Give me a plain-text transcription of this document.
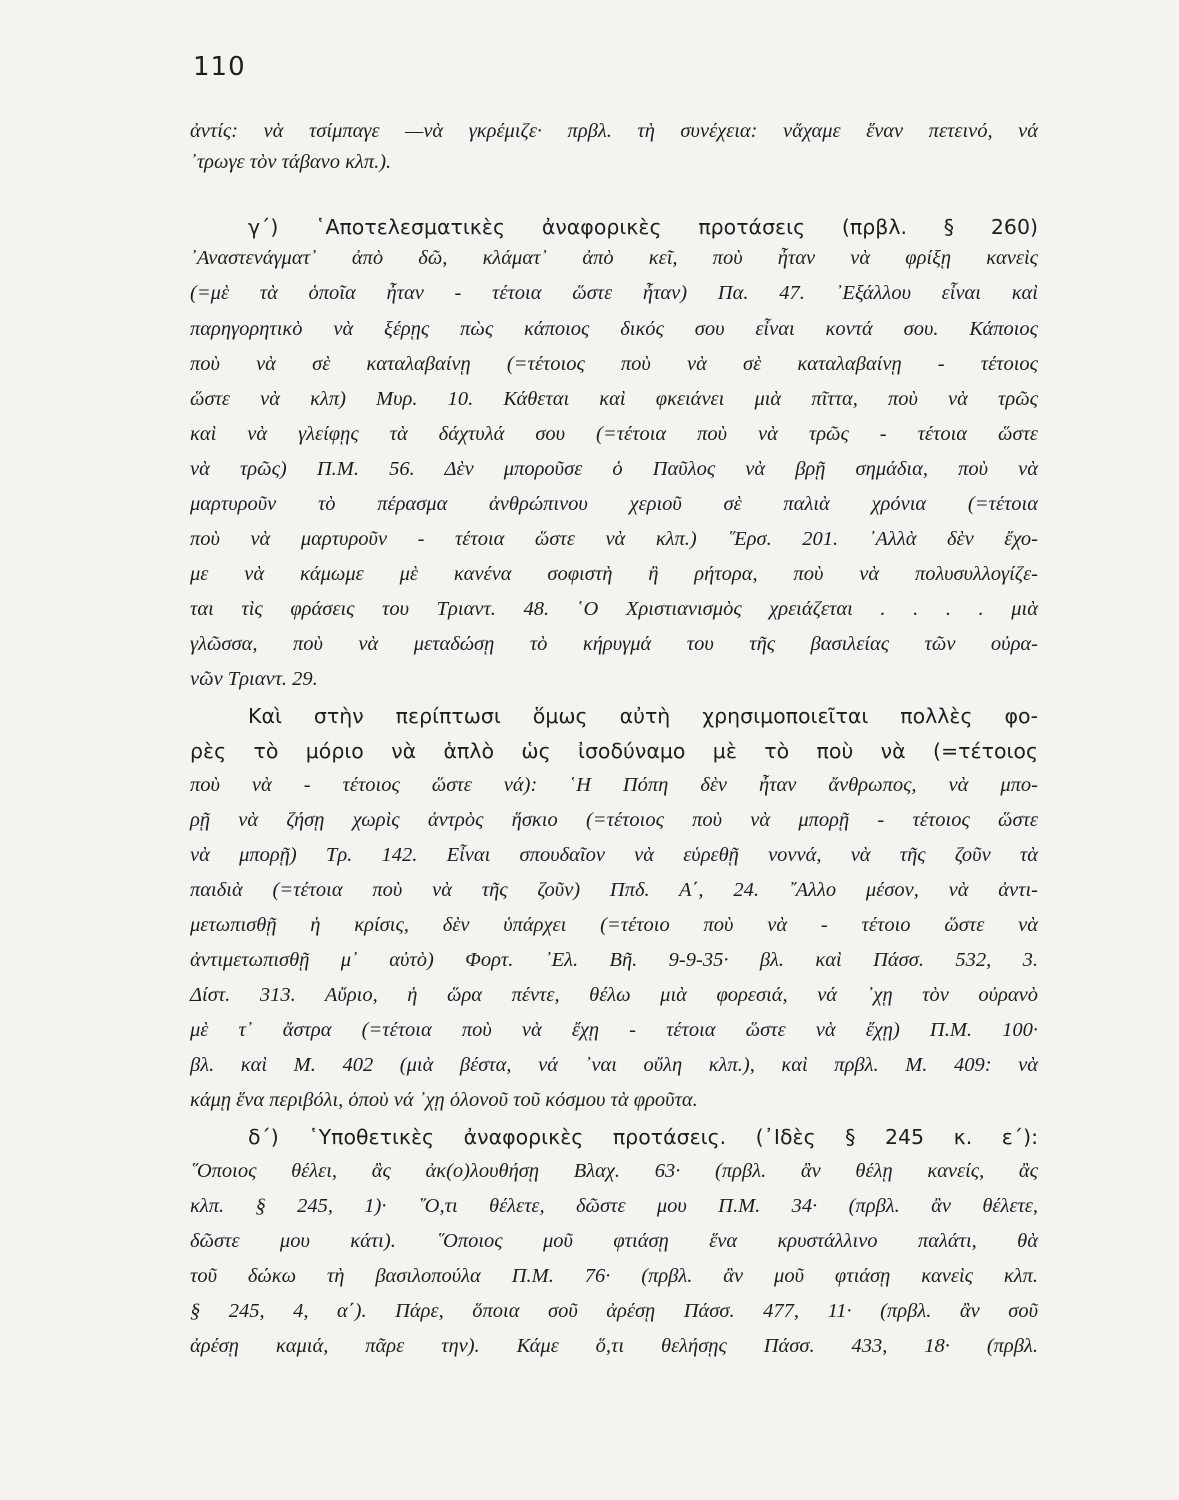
110
ἀντίς: νὰ τσίμπαγε —νὰ γκρέμιζε· πρβλ. τὴ συνέχεια: νἄχαμε ἕναν πετεινό, νά
᾿τρωγε τὸν τάβανο κλπ.).
γ΄) ῾Αποτελεσματικὲς ἀναφορικὲς προτάσεις (πρβλ. § 260)
᾿Αναστενάγματ᾿ ἀπὸ δῶ, κλάματ᾿ ἀπὸ κεῖ, ποὺ ἦταν νὰ φρίξῃ κανεὶς
(=μὲ τὰ ὁποῖα ἦταν - τέτοια ὥστε ἦταν) Πα. 47. ᾿Εξάλλου εἶναι καὶ
παρηγορητικὸ νὰ ξέρῃς πὼς κάποιος δικός σου εἶναι κοντά σου. Κάποιος
ποὺ νὰ σὲ καταλαβαίνῃ (=τέτοιος ποὺ νὰ σὲ καταλαβαίνῃ - τέτοιος
ὥστε νὰ κλπ) Μυρ. 10. Κάθεται καὶ φκειάνει μιὰ πῖττα, ποὺ νὰ τρῶς
καὶ νὰ γλείφῃς τὰ δάχτυλά σου (=τέτοια ποὺ νὰ τρῶς - τέτοια ὥστε
νὰ τρῶς) Π.Μ. 56. Δὲν μποροῦσε ὁ Παῦλος νὰ βρῇ σημάδια, ποὺ νὰ
μαρτυροῦν τὸ πέρασμα ἀνθρώπινου χεριοῦ σὲ παλιὰ χρόνια (=τέτοια
ποὺ νὰ μαρτυροῦν - τέτοια ὥστε νὰ κλπ.) ῞Ερσ. 201. ᾿Αλλὰ δὲν ἔχο-
με νὰ κάμωμε μὲ κανένα σοφιστὴ ἢ ρήτορα, ποὺ νὰ πολυσυλλογίζε-
ται τὶς φράσεις του Τριαντ. 48. ῾Ο Χριστιανισμὸς χρειάζεται . . . . μιὰ
γλῶσσα, ποὺ νὰ μεταδώσῃ τὸ κήρυγμά του τῆς βασιλείας τῶν οὐρα-
νῶν Τριαντ. 29.
Καὶ στὴν περίπτωσι ὅμως αὐτὴ χρησιμοποιεῖται πολλὲς φο-
ρὲς τὸ μόριο νὰ ἁπλὸ ὡς ἰσοδύναμο μὲ τὸ ποὺ νὰ (=τέτοιος
ποὺ νὰ - τέτοιος ὥστε νά): ῾Η Πόπη δὲν ἦταν ἄνθρωπος, νὰ μπο-
ρῇ νὰ ζήσῃ χωρὶς ἀντρὸς ἥσκιο (=τέτοιος ποὺ νὰ μπορῇ - τέτοιος ὥστε
νὰ μπορῇ) Τρ. 142. Εἶναι σπουδαῖον νὰ εὑρεθῇ νοννά, νὰ τῆς ζοῦν τὰ
παιδιὰ (=τέτοια ποὺ νὰ τῆς ζοῦν) Ππδ. Α΄, 24. ῎Αλλο μέσον, νὰ ἀντι-
μετωπισθῇ ἡ κρίσις, δὲν ὑπάρχει (=τέτοιο ποὺ νὰ - τέτοιο ὥστε νὰ
ἀντιμετωπισθῇ μ᾿ αὐτὸ) Φορτ. ᾿Ελ. Βῆ. 9-9-35· βλ. καὶ Πάσσ. 532, 3.
Δίστ. 313. Αὔριο, ἡ ὥρα πέντε, θέλω μιὰ φορεσιά, νά ᾿χῃ τὸν οὐρανὸ
μὲ τ᾿ ἄστρα (=τέτοια ποὺ νὰ ἔχῃ - τέτοια ὥστε νὰ ἔχῃ) Π.Μ. 100·
βλ. καὶ Μ. 402 (μιὰ βέστα, νά ᾿ναι οὔλη κλπ.), καὶ πρβλ. Μ. 409: νὰ
κάμῃ ἕνα περιβόλι, ὁποὺ νά ᾿χῃ ὁλονοῦ τοῦ κόσμου τὰ φροῦτα.
δ΄) ῾Υποθετικὲς ἀναφορικὲς προτάσεις. (᾿Ιδὲς § 245 κ. ε΄):
῞Οποιος θέλει, ἂς ἀκ(ο)λουθήσῃ Βλαχ. 63· (πρβλ. ἂν θέλῃ κανείς, ἂς
κλπ. § 245, 1)· ῞Ο,τι θέλετε, δῶστε μου Π.Μ. 34· (πρβλ. ἂν θέλετε,
δῶστε μου κάτι). ῞Οποιος μοῦ φτιάσῃ ἕνα κρυστάλλινο παλάτι, θὰ
τοῦ δώκω τὴ βασιλοπούλα Π.Μ. 76· (πρβλ. ἂν μοῦ φτιάσῃ κανεὶς κλπ.
§ 245, 4, α΄). Πάρε, ὅποια σοῦ ἀρέσῃ Πάσσ. 477, 11· (πρβλ. ἂν σοῦ
ἀρέσῃ καμιά, πᾶρε την). Κάμε ὅ,τι θελήσῃς Πάσσ. 433, 18· (πρβλ.
